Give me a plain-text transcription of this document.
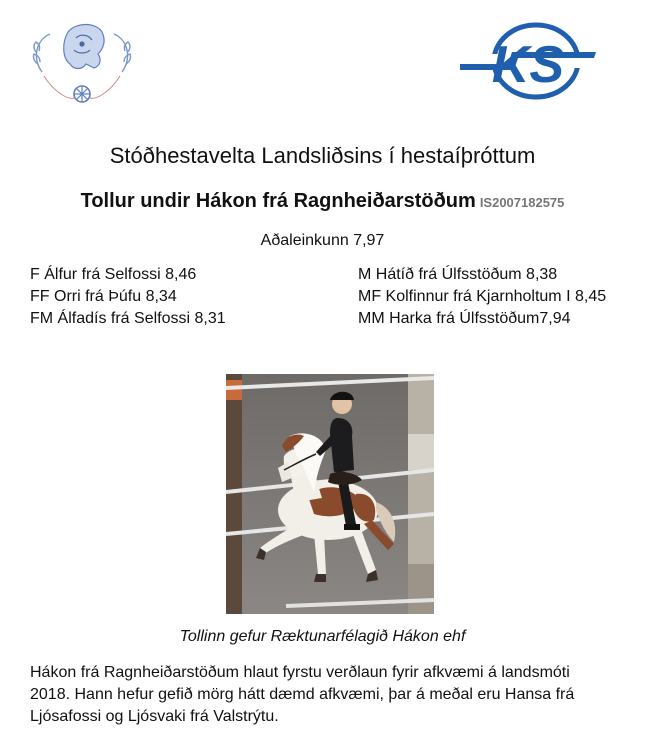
KS
Stóðhestavelta Landsliðsins í hestaíþróttum
Tollur undir Hákon frá Ragnheiðarstöðum IS2007182575
Aðaleinkunn 7,97
F Álfur frá Selfossi 8,46
FF Orri frá Þúfu 8,34
FM Álfadís frá Selfossi 8,31
M Hátíð frá Úlfsstöðum 8,38
MF Kolfinnur frá Kjarnholtum I 8,45
MM Harka frá Úlfsstöðum7,94
Tollinn gefur Ræktunarfélagið Hákon ehf
Hákon frá Ragnheiðarstöðum hlaut fyrstu verðlaun fyrir afkvæmi á landsmóti
2018. Hann hefur gefið mörg hátt dæmd afkvæmi, þar á meðal eru Hansa frá
Ljósafossi og Ljósvaki frá Valstrýtu.
